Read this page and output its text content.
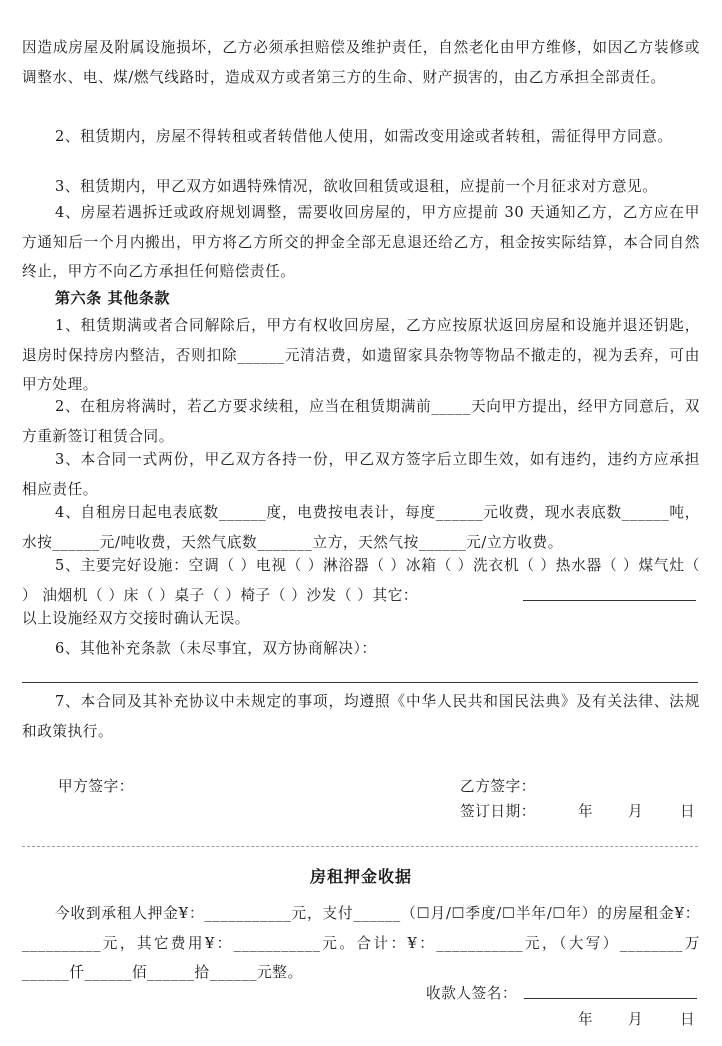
因造成房屋及附属设施损坏，乙方必须承担赔偿及维护责任，自然老化由甲方维修，如因乙方装修或调整水、电、煤/燃气线路时，造成双方或者第三方的生命、财产损害的，由乙方承担全部责任。

2、租赁期内，房屋不得转租或者转借他人使用，如需改变用途或者转租，需征得甲方同意。

3、租赁期内，甲乙双方如遇特殊情况，欲收回租赁或退租，应提前一个月征求对方意见。

4、房屋若遇拆迁或政府规划调整，需要收回房屋的，甲方应提前 30 天通知乙方，乙方应在甲方通知后一个月内搬出，甲方将乙方所交的押金全部无息退还给乙方，租金按实际结算，本合同自然终止，甲方不向乙方承担任何赔偿责任。

第六条 其他条款

1、租赁期满或者合同解除后，甲方有权收回房屋，乙方应按原状返回房屋和设施并退还钥匙，退房时保持房内整洁，否则扣除______元清洁费，如遗留家具杂物等物品不撤走的，视为丢弃，可由甲方处理。

2、在租房将满时，若乙方要求续租，应当在租赁期满前_____天向甲方提出，经甲方同意后，双方重新签订租赁合同。

3、本合同一式两份，甲乙双方各持一份，甲乙双方签字后立即生效，如有违约，违约方应承担相应责任。

4、自租房日起电表底数______度，电费按电表计，每度______元收费，现水表底数______吨，水按______元/吨收费，天然气底数_______立方，天然气按______元/立方收费。

5、主要完好设施：空调（ ）电视（ ）淋浴器（ ）冰箱（ ）洗衣机（ ）热水器（ ）煤气灶（ ） 油烟机（ ）床（ ）桌子（ ）椅子（ ）沙发（ ）其它：

以上设施经双方交接时确认无误。

6、其他补充条款（未尽事宜，双方协商解决）：

7、本合同及其补充协议中未规定的事项，均遵照《中华人民共和国民法典》及有关法律、法规和政策执行。

甲方签字：	乙方签字：
签订日期：	年 月	日
房租押金收据

今收到承租人押金¥：___________元，支付______（☐月/☐季度/☐半年/☐年）的房屋租金¥：__________元，其它费用¥：___________元。合计：¥：___________元，（大写）________万______仟______佰______拾______元整。

收款人签名：
年 月	日
